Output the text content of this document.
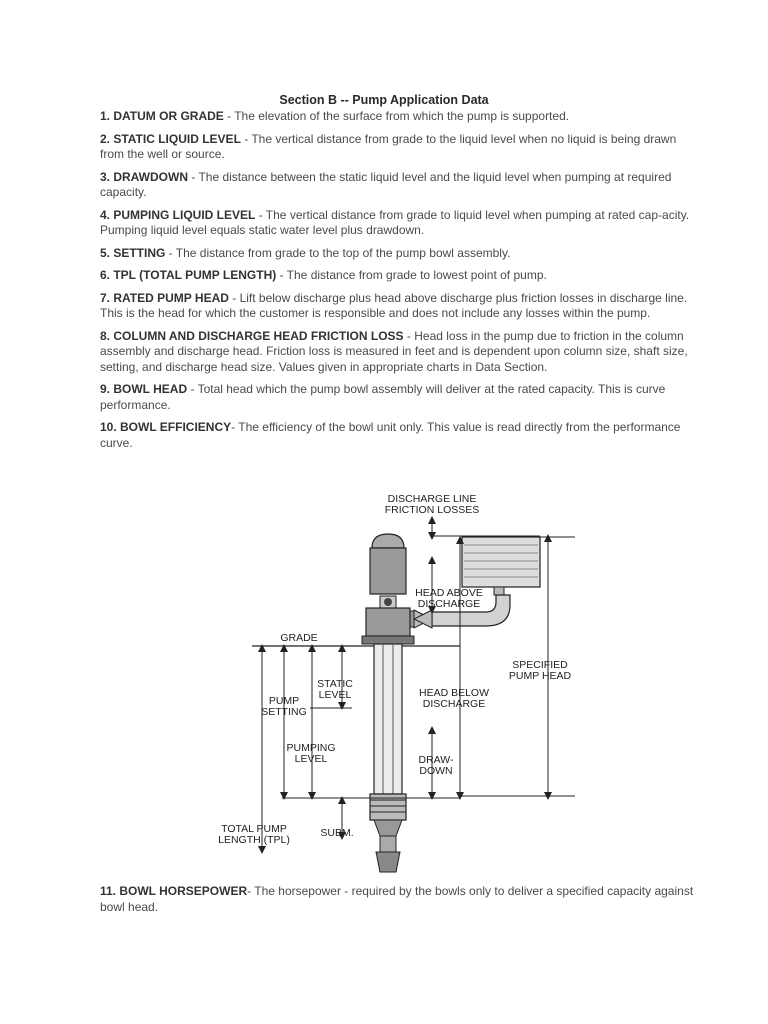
Section B -- Pump Application Data

1. DATUM OR GRADE - The elevation of the surface from which the pump is supported.

2. STATIC LIQUID LEVEL - The vertical distance from grade to the liquid level when no liquid is being drawn from the well or source.

3. DRAWDOWN - The distance between the static liquid level and the liquid level when pumping at required capacity.

4. PUMPING LIQUID LEVEL - The vertical distance from grade to liquid level when pumping at rated cap-acity. Pumping liquid level equals static water level plus drawdown.

5. SETTING - The distance from grade to the top of the pump bowl assembly.

6. TPL (TOTAL PUMP LENGTH) - The distance from grade to lowest point of pump.

7. RATED PUMP HEAD - Lift below discharge plus head above discharge plus friction losses in discharge line. This is the head for which the customer is responsible and does not include any losses within the pump.

8. COLUMN AND DISCHARGE HEAD FRICTION LOSS - Head loss in the pump due to friction in the column assembly and discharge head. Friction loss is measured in feet and is dependent upon column size, shaft size, setting, and discharge head size. Values given in appropriate charts in Data Section.

9. BOWL HEAD - Total head which the pump bowl assembly will deliver at the rated capacity. This is curve performance.

10. BOWL EFFICIENCY- The efficiency of the bowl unit only. This value is read directly from the performance curve.

DISCHARGE LINE
FRICTION LOSSES
HEAD ABOVE
DISCHARGE
GRADE
SPECIFIED
PUMP HEAD
STATIC
LEVEL
PUMP
SETTING
HEAD BELOW
DISCHARGE
PUMPING
LEVEL	DRAW-
DOWN
TOTAL PUMP
LENGTH (TPL)
SUBM.

11. BOWL HORSEPOWER- The horsepower - required by the bowls only to deliver a specified capacity against bowl head.
